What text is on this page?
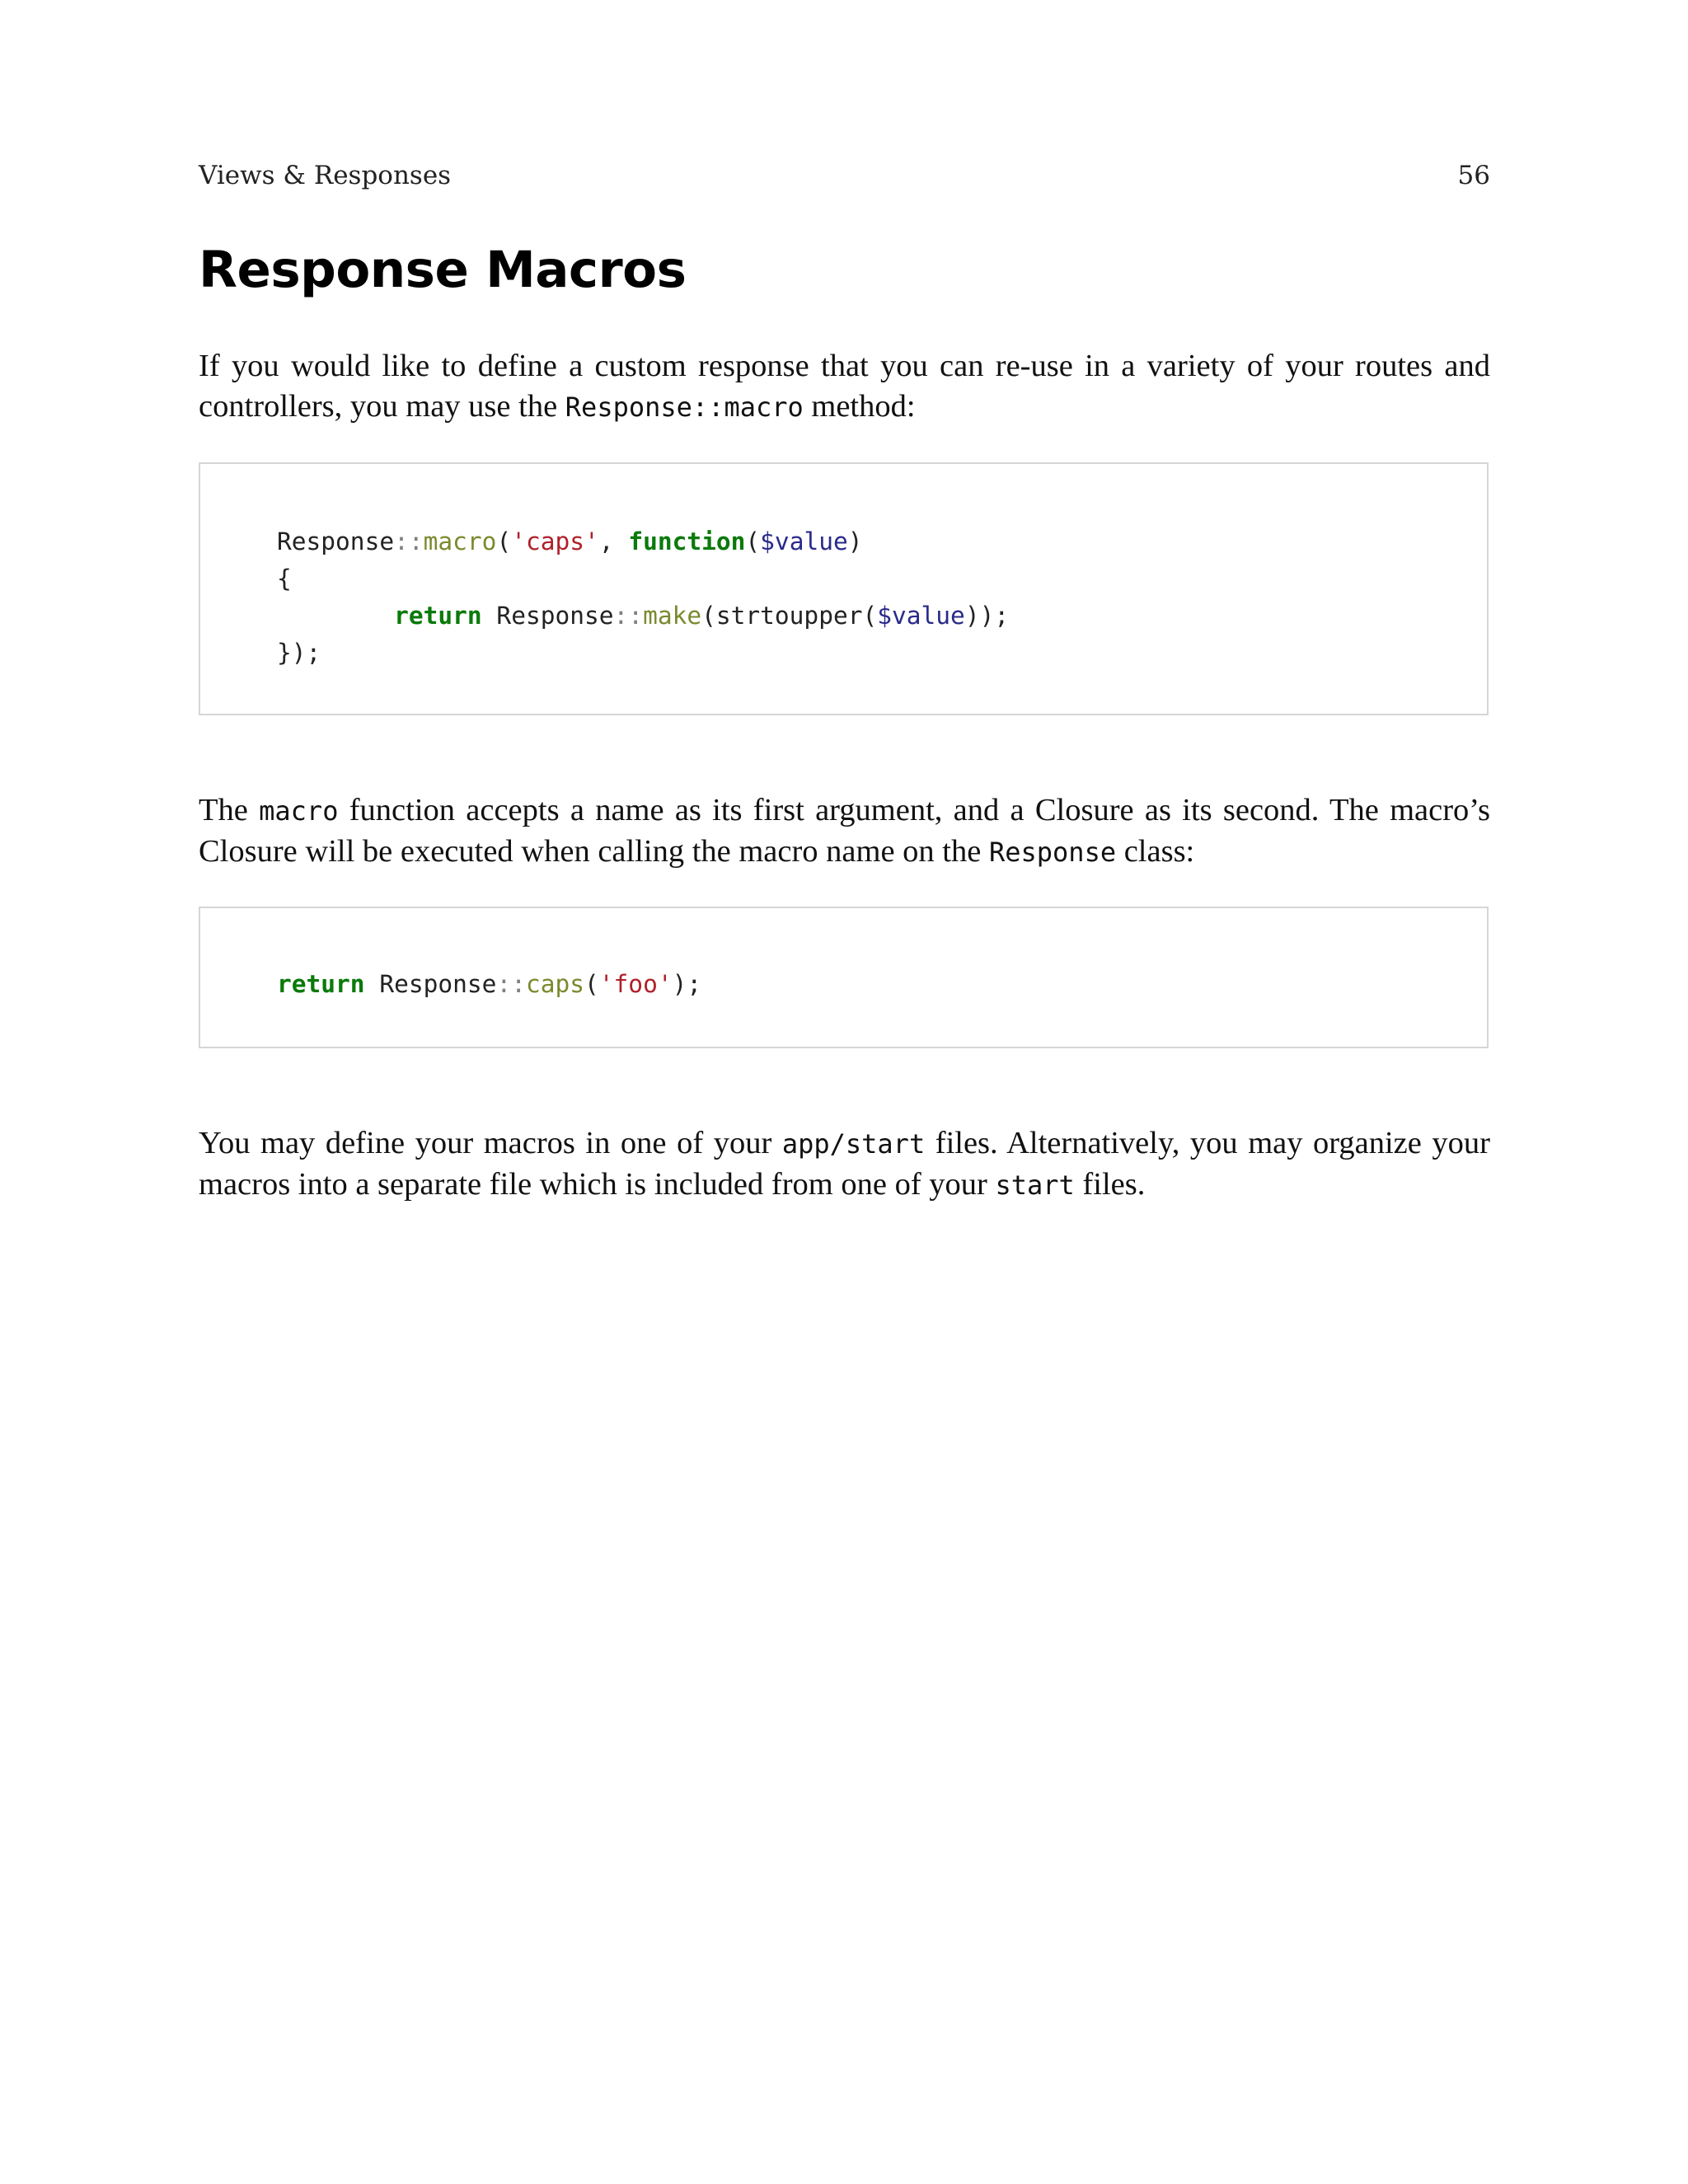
Views & Responses	56
Response Macros

If you would like to define a custom response that you can re-use in a variety of your routes and controllers, you may use the Response::macro method:

Response::macro('caps', function($value)
{
return Response::make(strtoupper($value));
});

The macro function accepts a name as its first argument, and a Closure as its second. The macro’s Closure will be executed when calling the macro name on the Response class:

return Response::caps('foo');

You may define your macros in one of your app/start files. Alternatively, you may organize your macros into a separate file which is included from one of your start files.
